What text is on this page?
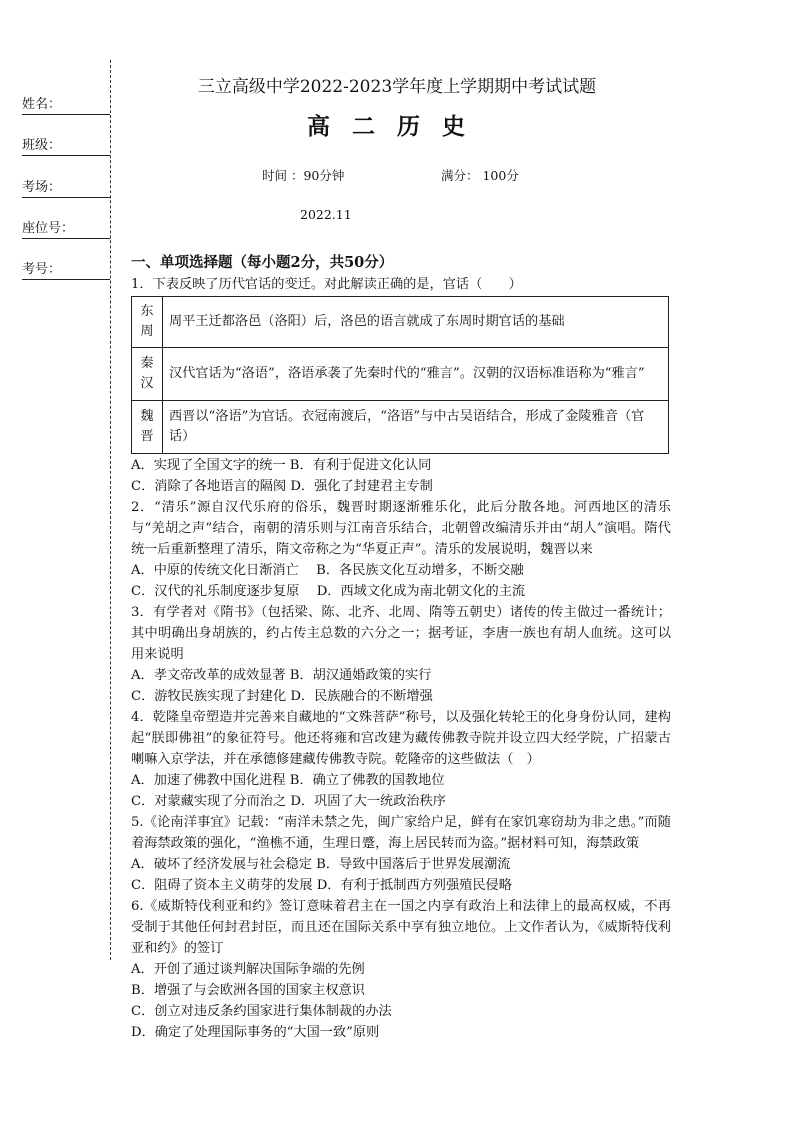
姓名：
班级：
考场：
座位号：
考号：
三立高级中学2022-2023学年度上学期期中考试试题
高二历史
时间 ：90分钟	满分： 100分
2022.11

一、单项选择题（每小题2分，共50分）

1．下表反映了历代官话的变迁。对此解读正确的是，官话（　　）

东周	周平王迁都洛邑（洛阳）后，洛邑的语言就成了东周时期官话的基础
秦汉	汉代官话为“洛语”，洛语承袭了先秦时代的“雅言”。汉朝的汉语标准语称为“雅言”
魏晋	西晋以“洛语”为官话。衣冠南渡后，“洛语”与中古吴语结合，形成了金陵雅音（官话）

A．实现了全国文字的统一 B．有利于促进文化认同

C．消除了各地语言的隔阂 D．强化了封建君主专制

2．“清乐”源自汉代乐府的俗乐，魏晋时期逐渐雅乐化，此后分散各地。河西地区的清乐与“羌胡之声”结合，南朝的清乐则与江南音乐结合，北朝曾改编清乐并由“胡人”演唱。隋代统一后重新整理了清乐，隋文帝称之为“华夏正声”。清乐的发展说明，魏晋以来

A．中原的传统文化日渐消亡　 B．各民族文化互动增多，不断交融

C．汉代的礼乐制度逐步复原　 D．西域文化成为南北朝文化的主流

3．有学者对《隋书》（包括梁、陈、北齐、北周、隋等五朝史）诸传的传主做过一番统计；其中明确出身胡族的，约占传主总数的六分之一；据考证，李唐一族也有胡人血统。这可以用来说明

A．孝文帝改革的成效显著 B．胡汉通婚政策的实行

C．游牧民族实现了封建化 D．民族融合的不断增强

4．乾隆皇帝塑造并完善来自藏地的“文殊菩萨”称号，以及强化转轮王的化身身份认同，建构起“朕即佛祖”的象征符号。他还将雍和宫改建为藏传佛教寺院并设立四大经学院，广招蒙古喇嘛入京学法，并在承德修建藏传佛教寺院。乾隆帝的这些做法（　）

A．加速了佛教中国化进程 B．确立了佛教的国教地位

C．对蒙藏实现了分而治之 D．巩固了大一统政治秩序

5.《论南洋事宜》记载：“南洋未禁之先，闽广家给户足，鲜有在家饥寒窃劫为非之患。”而随着海禁政策的强化，“渔樵不通，生理日蹙，海上居民转而为盗。”据材料可知，海禁政策

A．破坏了经济发展与社会稳定 B．导致中国落后于世界发展潮流

C．阻碍了资本主义萌芽的发展 D．有利于抵制西方列强殖民侵略

6.《威斯特伐利亚和约》签订意味着君主在一国之内享有政治上和法律上的最高权威，不再受制于其他任何封君封臣，而且还在国际关系中享有独立地位。上文作者认为，《威斯特伐利亚和约》的签订

A．开创了通过谈判解决国际争端的先例

B．增强了与会欧洲各国的国家主权意识

C．创立对违反条约国家进行集体制裁的办法

D．确定了处理国际事务的“大国一致”原则
